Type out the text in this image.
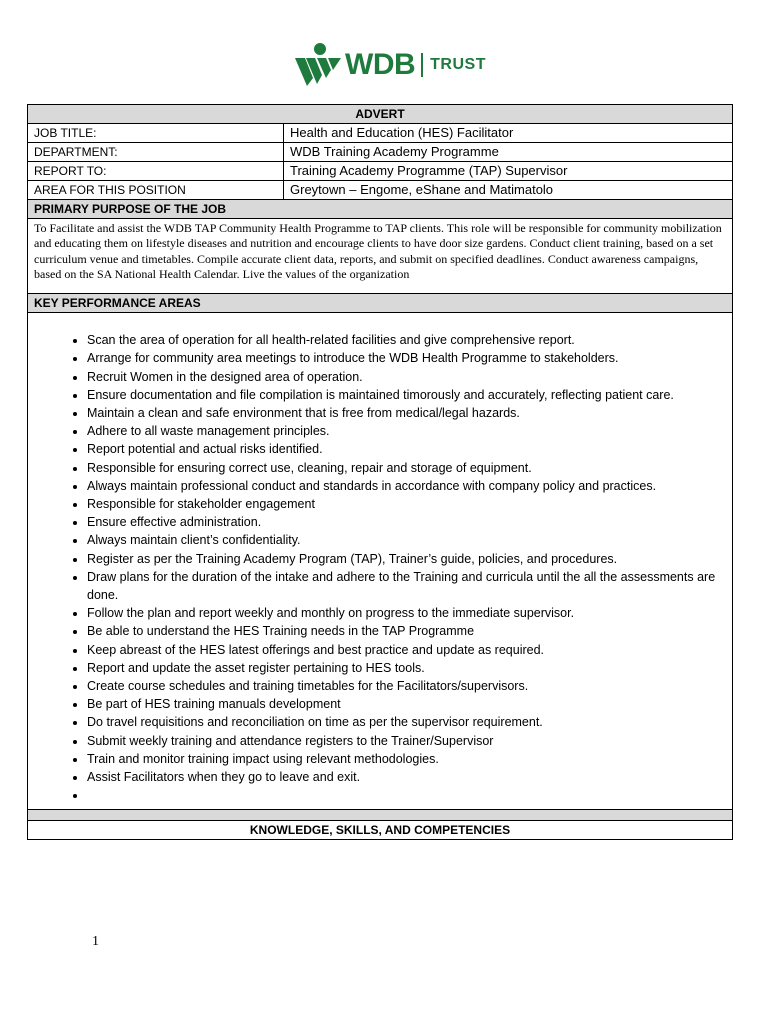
WDB TRUST
ADVERT
JOB TITLE:	Health and Education (HES) Facilitator
DEPARTMENT:	WDB Training Academy Programme
REPORT TO:	Training Academy Programme (TAP) Supervisor
AREA FOR THIS POSITION	Greytown – Engome, eShane and Matimatolo
PRIMARY PURPOSE OF THE JOB
To Facilitate and assist the WDB TAP Community Health Programme to TAP clients. This role will be responsible for community mobilization and educating them on lifestyle diseases and nutrition and encourage clients to have door size gardens. Conduct client training, based on a set curriculum venue and timetables. Compile accurate client data, reports, and submit on specified deadlines. Conduct awareness campaigns, based on the SA National Health Calendar. Live the values of the organization
KEY PERFORMANCE AREAS
• Scan the area of operation for all health-related facilities and give comprehensive report.
• Arrange for community area meetings to introduce the WDB Health Programme to stakeholders.
• Recruit Women in the designed area of operation.
• Ensure documentation and file compilation is maintained timorously and accurately, reflecting patient care.
• Maintain a clean and safe environment that is free from medical/legal hazards.
• Adhere to all waste management principles.
• Report potential and actual risks identified.
• Responsible for ensuring correct use, cleaning, repair and storage of equipment.
• Always maintain professional conduct and standards in accordance with company policy and practices.
• Responsible for stakeholder engagement
• Ensure effective administration.
• Always maintain client’s confidentiality.
• Register as per the Training Academy Program (TAP), Trainer’s guide, policies, and procedures.
• Draw plans for the duration of the intake and adhere to the Training and curricula until the all the assessments are done.
• Follow the plan and report weekly and monthly on progress to the immediate supervisor.
• Be able to understand the HES Training needs in the TAP Programme
• Keep abreast of the HES latest offerings and best practice and update as required.
• Report and update the asset register pertaining to HES tools.
• Create course schedules and training timetables for the Facilitators/supervisors.
• Be part of HES training manuals development
• Do travel requisitions and reconciliation on time as per the supervisor requirement.
• Submit weekly training and attendance registers to the Trainer/Supervisor
• Train and monitor training impact using relevant methodologies.
• Assist Facilitators when they go to leave and exit.
•
KNOWLEDGE, SKILLS, AND COMPETENCIES
1
